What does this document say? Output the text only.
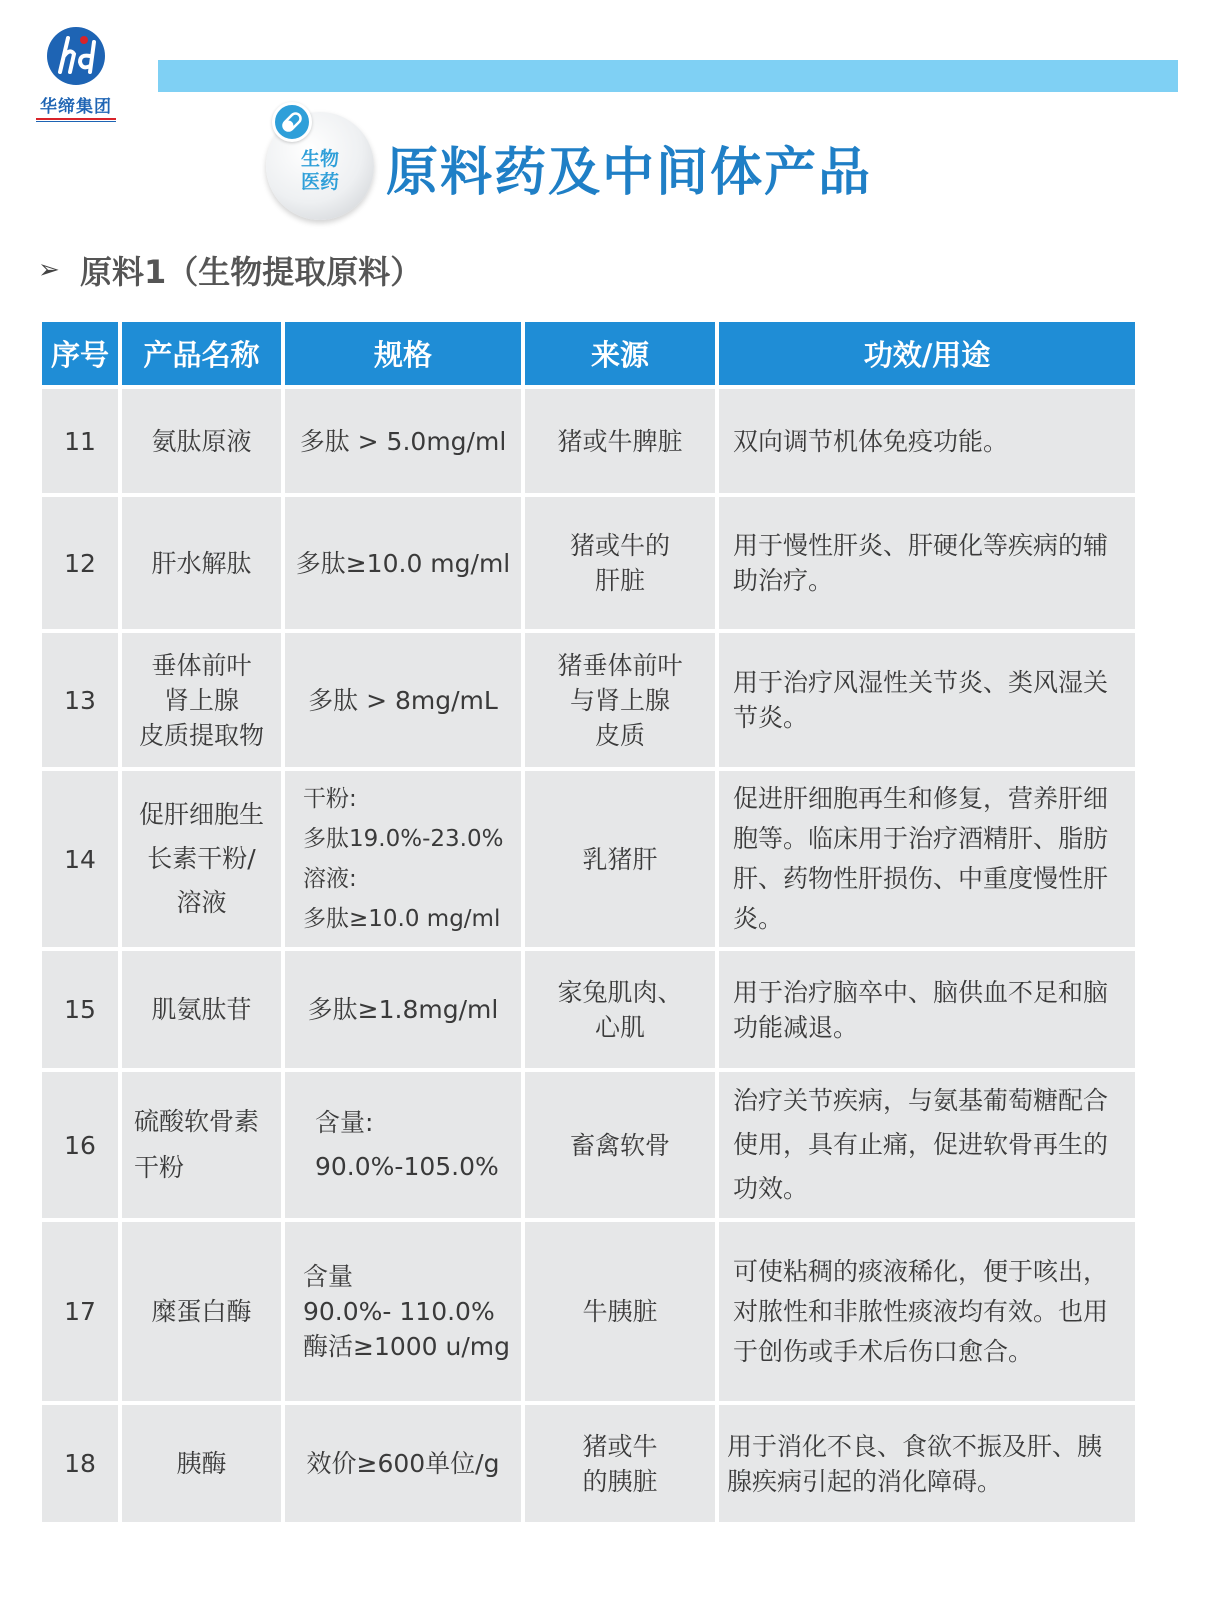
华缔集团
生物
医药 原料药及中间体产品
➢ 原料1（生物提取原料）
序号	产品名称	规格	来源	功效/用途
11	氨肽原液	多肽 > 5.0mg/ml	猪或牛脾脏	双向调节机体免疫功能。
12	肝水解肽	多肽≥10.0 mg/ml	猪或牛的
肝脏	用于慢性肝炎、肝硬化等疾病的辅助治疗。
13	垂体前叶
肾上腺
皮质提取物	多肽 > 8mg/mL	猪垂体前叶
与肾上腺
皮质	用于治疗风湿性关节炎、类风湿关节炎。
14	促肝细胞生
长素干粉/
溶液	干粉:
多肽19.0%-23.0%
溶液:
多肽≥10.0 mg/ml	乳猪肝	促进肝细胞再生和修复，营养肝细胞等。临床用于治疗酒精肝、脂肪肝、药物性肝损伤、中重度慢性肝炎。
15	肌氨肽苷	多肽≥1.8mg/ml	家兔肌肉、
心肌	用于治疗脑卒中、脑供血不足和脑功能减退。
16	硫酸软骨素
干粉	含量:
90.0%-105.0%	畜禽软骨	治疗关节疾病，与氨基葡萄糖配合使用，具有止痛，促进软骨再生的功效。
17	糜蛋白酶	含量
90.0%- 110.0%
酶活≥1000 u/mg	牛胰脏	可使粘稠的痰液稀化，便于咳出，对脓性和非脓性痰液均有效。也用于创伤或手术后伤口愈合。
18	胰酶	效价≥600单位/g	猪或牛
的胰脏	用于消化不良、食欲不振及肝、胰腺疾病引起的消化障碍。
